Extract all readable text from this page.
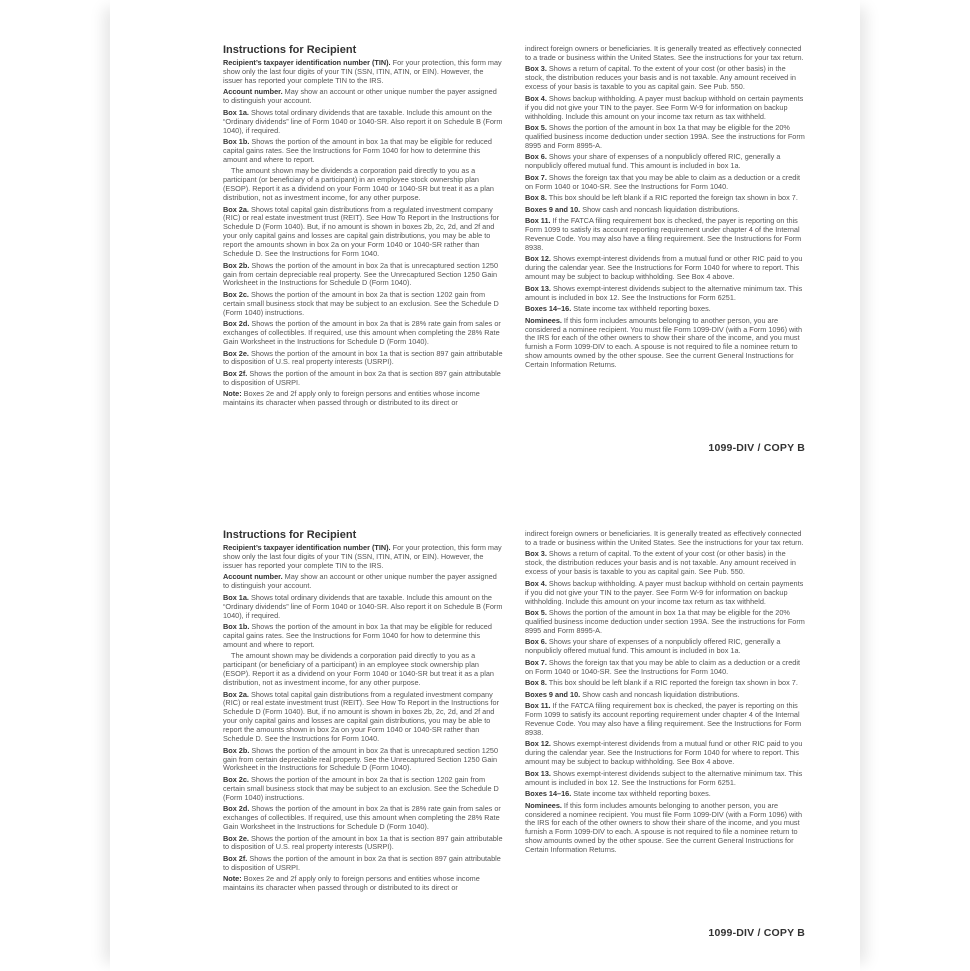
Instructions for Recipient
Recipient’s taxpayer identification number (TIN). For your protection, this form may show only the last four digits of your TIN (SSN, ITIN, ATIN, or EIN). However, the issuer has reported your complete TIN to the IRS.
Account number. May show an account or other unique number the payer assigned to distinguish your account.
Box 1a. Shows total ordinary dividends that are taxable. Include this amount on the “Ordinary dividends” line of Form 1040 or 1040-SR. Also report it on Schedule B (Form 1040), if required.
Box 1b. Shows the portion of the amount in box 1a that may be eligible for reduced capital gains rates. See the Instructions for Form 1040 for how to determine this amount and where to report.
The amount shown may be dividends a corporation paid directly to you as a participant (or beneficiary of a participant) in an employee stock ownership plan (ESOP). Report it as a dividend on your Form 1040 or 1040-SR but treat it as a plan distribution, not as investment income, for any other purpose.
Box 2a. Shows total capital gain distributions from a regulated investment company (RIC) or real estate investment trust (REIT). See How To Report in the Instructions for Schedule D (Form 1040). But, if no amount is shown in boxes 2b, 2c, 2d, and 2f and your only capital gains and losses are capital gain distributions, you may be able to report the amounts shown in box 2a on your Form 1040 or 1040-SR rather than Schedule D. See the Instructions for Form 1040.
Box 2b. Shows the portion of the amount in box 2a that is unrecaptured section 1250 gain from certain depreciable real property. See the Unrecaptured Section 1250 Gain Worksheet in the Instructions for Schedule D (Form 1040).
Box 2c. Shows the portion of the amount in box 2a that is section 1202 gain from certain small business stock that may be subject to an exclusion. See the Schedule D (Form 1040) instructions.
Box 2d. Shows the portion of the amount in box 2a that is 28% rate gain from sales or exchanges of collectibles. If required, use this amount when completing the 28% Rate Gain Worksheet in the Instructions for Schedule D (Form 1040).
Box 2e. Shows the portion of the amount in box 1a that is section 897 gain attributable to disposition of U.S. real property interests (USRPI).
Box 2f. Shows the portion of the amount in box 2a that is section 897 gain attributable to disposition of USRPI.
Note: Boxes 2e and 2f apply only to foreign persons and entities whose income maintains its character when passed through or distributed to its direct or
indirect foreign owners or beneficiaries. It is generally treated as effectively connected to a trade or business within the United States. See the instructions for your tax return.
Box 3. Shows a return of capital. To the extent of your cost (or other basis) in the stock, the distribution reduces your basis and is not taxable. Any amount received in excess of your basis is taxable to you as capital gain. See Pub. 550.
Box 4. Shows backup withholding. A payer must backup withhold on certain payments if you did not give your TIN to the payer. See Form W-9 for information on backup withholding. Include this amount on your income tax return as tax withheld.
Box 5. Shows the portion of the amount in box 1a that may be eligible for the 20% qualified business income deduction under section 199A. See the instructions for Form 8995 and Form 8995-A.
Box 6. Shows your share of expenses of a nonpublicly offered RIC, generally a nonpublicly offered mutual fund. This amount is included in box 1a.
Box 7. Shows the foreign tax that you may be able to claim as a deduction or a credit on Form 1040 or 1040-SR. See the Instructions for Form 1040.
Box 8. This box should be left blank if a RIC reported the foreign tax shown in box 7.
Boxes 9 and 10. Show cash and noncash liquidation distributions.
Box 11. If the FATCA filing requirement box is checked, the payer is reporting on this Form 1099 to satisfy its account reporting requirement under chapter 4 of the Internal Revenue Code. You may also have a filing requirement. See the Instructions for Form 8938.
Box 12. Shows exempt-interest dividends from a mutual fund or other RIC paid to you during the calendar year. See the Instructions for Form 1040 for where to report. This amount may be subject to backup withholding. See Box 4 above.
Box 13. Shows exempt-interest dividends subject to the alternative minimum tax. This amount is included in box 12. See the Instructions for Form 6251.
Boxes 14–16. State income tax withheld reporting boxes.
Nominees. If this form includes amounts belonging to another person, you are considered a nominee recipient. You must file Form 1099-DIV (with a Form 1096) with the IRS for each of the other owners to show their share of the income, and you must furnish a Form 1099-DIV to each. A spouse is not required to file a nominee return to show amounts owned by the other spouse. See the current General Instructions for Certain Information Returns.
1099-DIV / COPY B
Instructions for Recipient
Recipient’s taxpayer identification number (TIN). For your protection, this form may show only the last four digits of your TIN (SSN, ITIN, ATIN, or EIN). However, the issuer has reported your complete TIN to the IRS.
Account number. May show an account or other unique number the payer assigned to distinguish your account.
Box 1a. Shows total ordinary dividends that are taxable. Include this amount on the “Ordinary dividends” line of Form 1040 or 1040-SR. Also report it on Schedule B (Form 1040), if required.
Box 1b. Shows the portion of the amount in box 1a that may be eligible for reduced capital gains rates. See the Instructions for Form 1040 for how to determine this amount and where to report.
The amount shown may be dividends a corporation paid directly to you as a participant (or beneficiary of a participant) in an employee stock ownership plan (ESOP). Report it as a dividend on your Form 1040 or 1040-SR but treat it as a plan distribution, not as investment income, for any other purpose.
Box 2a. Shows total capital gain distributions from a regulated investment company (RIC) or real estate investment trust (REIT). See How To Report in the Instructions for Schedule D (Form 1040). But, if no amount is shown in boxes 2b, 2c, 2d, and 2f and your only capital gains and losses are capital gain distributions, you may be able to report the amounts shown in box 2a on your Form 1040 or 1040-SR rather than Schedule D. See the Instructions for Form 1040.
Box 2b. Shows the portion of the amount in box 2a that is unrecaptured section 1250 gain from certain depreciable real property. See the Unrecaptured Section 1250 Gain Worksheet in the Instructions for Schedule D (Form 1040).
Box 2c. Shows the portion of the amount in box 2a that is section 1202 gain from certain small business stock that may be subject to an exclusion. See the Schedule D (Form 1040) instructions.
Box 2d. Shows the portion of the amount in box 2a that is 28% rate gain from sales or exchanges of collectibles. If required, use this amount when completing the 28% Rate Gain Worksheet in the Instructions for Schedule D (Form 1040).
Box 2e. Shows the portion of the amount in box 1a that is section 897 gain attributable to disposition of U.S. real property interests (USRPI).
Box 2f. Shows the portion of the amount in box 2a that is section 897 gain attributable to disposition of USRPI.
Note: Boxes 2e and 2f apply only to foreign persons and entities whose income maintains its character when passed through or distributed to its direct or
indirect foreign owners or beneficiaries. It is generally treated as effectively connected to a trade or business within the United States. See the instructions for your tax return.
Box 3. Shows a return of capital. To the extent of your cost (or other basis) in the stock, the distribution reduces your basis and is not taxable. Any amount received in excess of your basis is taxable to you as capital gain. See Pub. 550.
Box 4. Shows backup withholding. A payer must backup withhold on certain payments if you did not give your TIN to the payer. See Form W-9 for information on backup withholding. Include this amount on your income tax return as tax withheld.
Box 5. Shows the portion of the amount in box 1a that may be eligible for the 20% qualified business income deduction under section 199A. See the instructions for Form 8995 and Form 8995-A.
Box 6. Shows your share of expenses of a nonpublicly offered RIC, generally a nonpublicly offered mutual fund. This amount is included in box 1a.
Box 7. Shows the foreign tax that you may be able to claim as a deduction or a credit on Form 1040 or 1040-SR. See the Instructions for Form 1040.
Box 8. This box should be left blank if a RIC reported the foreign tax shown in box 7.
Boxes 9 and 10. Show cash and noncash liquidation distributions.
Box 11. If the FATCA filing requirement box is checked, the payer is reporting on this Form 1099 to satisfy its account reporting requirement under chapter 4 of the Internal Revenue Code. You may also have a filing requirement. See the Instructions for Form 8938.
Box 12. Shows exempt-interest dividends from a mutual fund or other RIC paid to you during the calendar year. See the Instructions for Form 1040 for where to report. This amount may be subject to backup withholding. See Box 4 above.
Box 13. Shows exempt-interest dividends subject to the alternative minimum tax. This amount is included in box 12. See the Instructions for Form 6251.
Boxes 14–16. State income tax withheld reporting boxes.
Nominees. If this form includes amounts belonging to another person, you are considered a nominee recipient. You must file Form 1099-DIV (with a Form 1096) with the IRS for each of the other owners to show their share of the income, and you must furnish a Form 1099-DIV to each. A spouse is not required to file a nominee return to show amounts owned by the other spouse. See the current General Instructions for Certain Information Returns.
1099-DIV / COPY B
